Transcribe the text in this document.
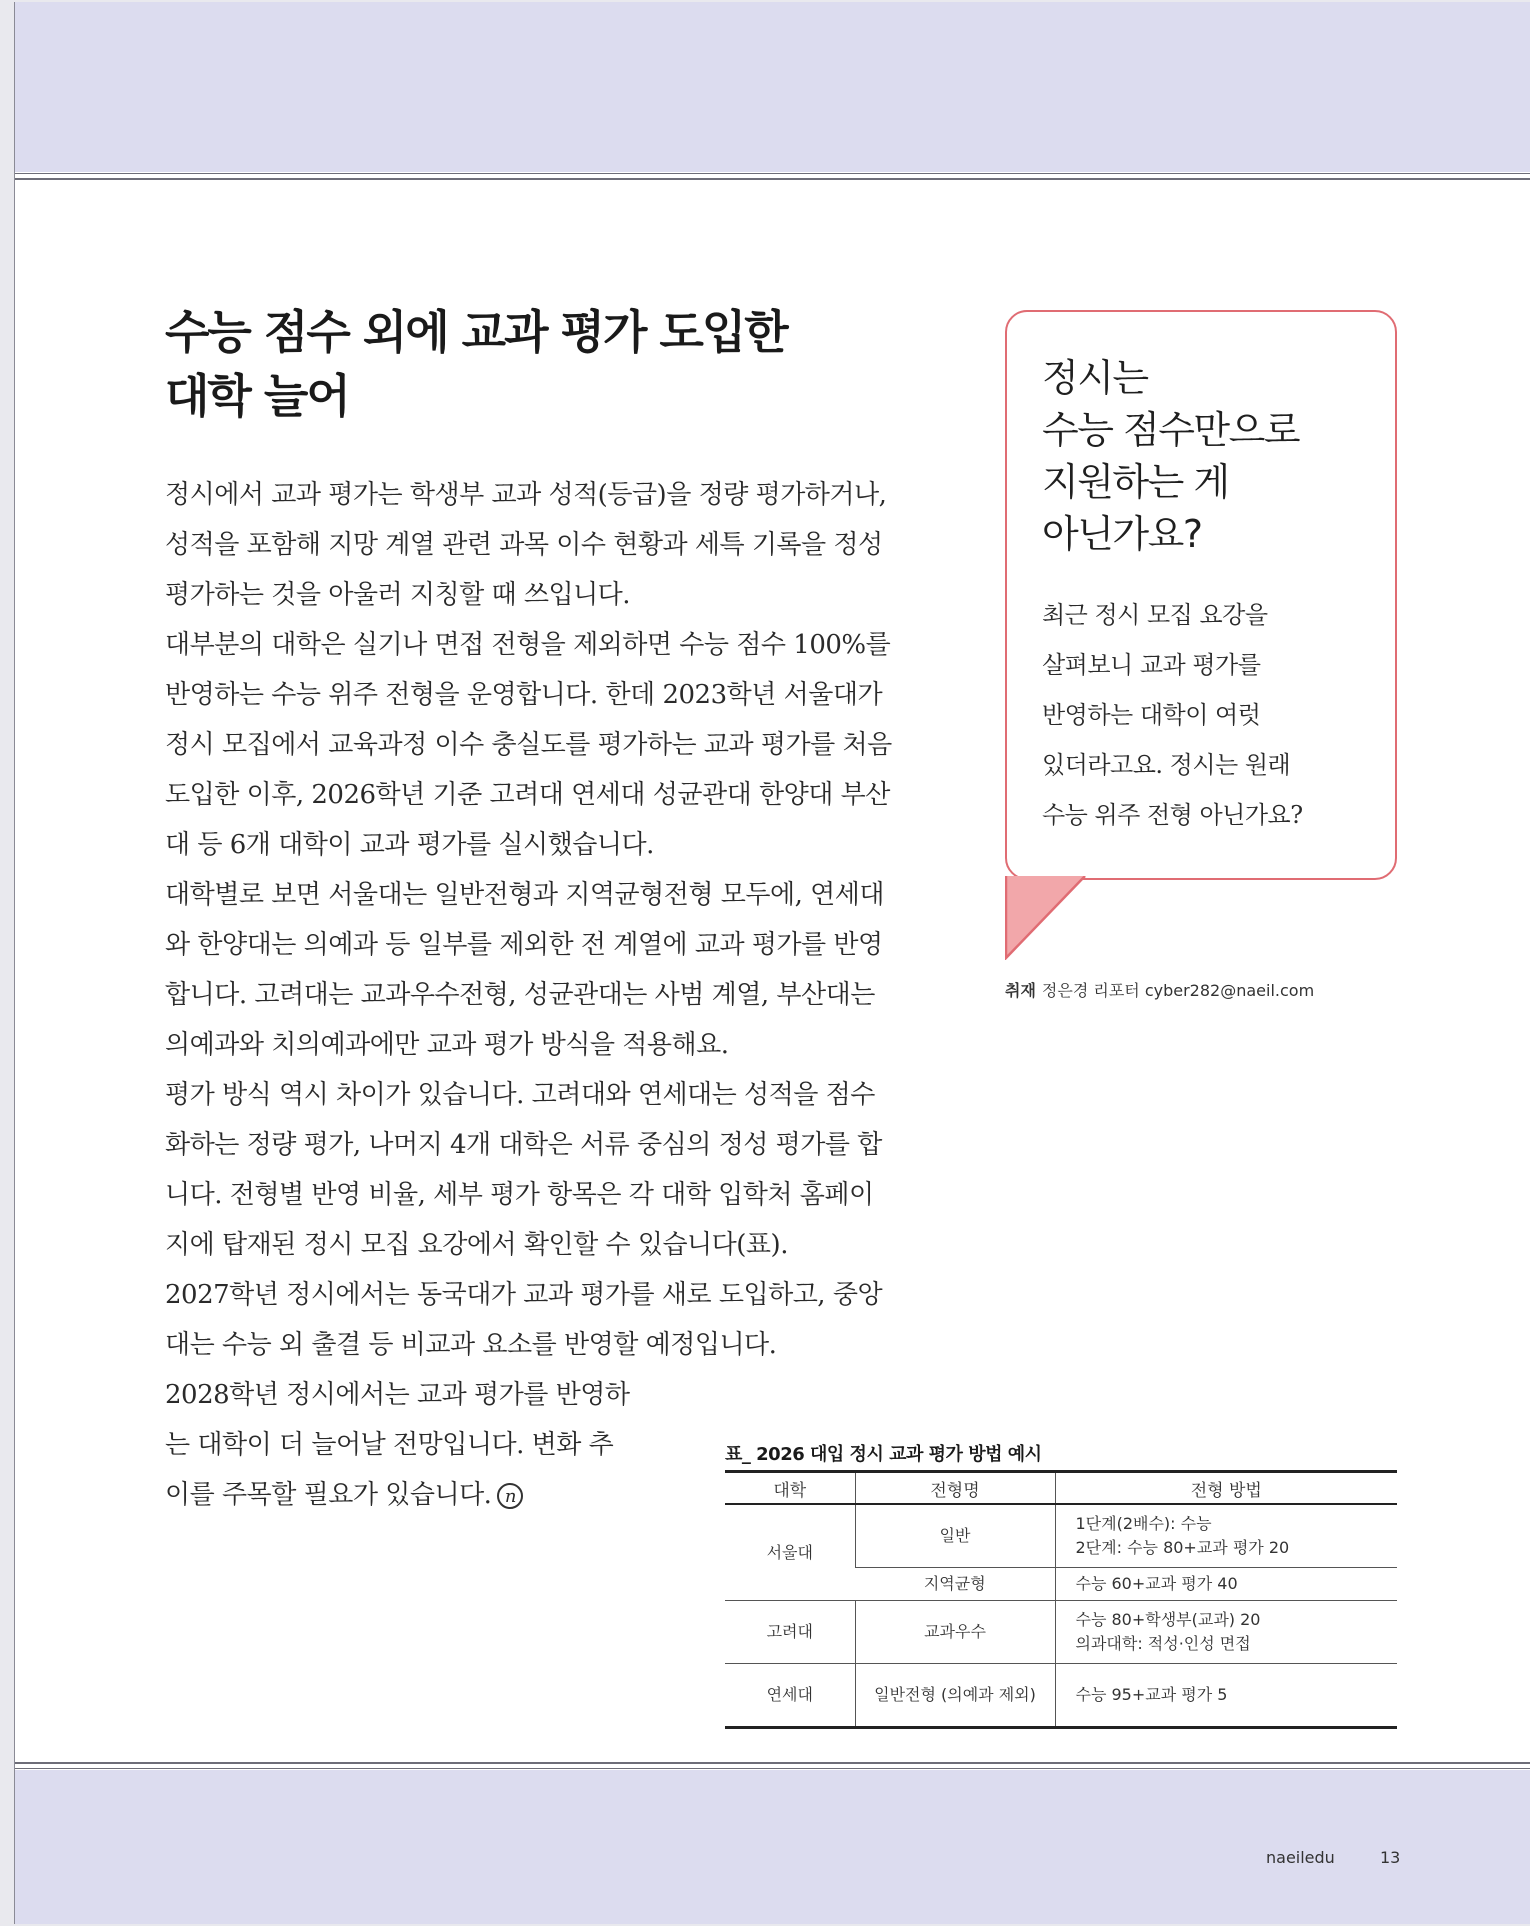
수능 점수 외에 교과 평가 도입한
대학 늘어

정시에서 교과 평가는 학생부 교과 성적(등급)을 정량 평가하거나, 성적을 포함해 지망 계열 관련 과목 이수 현황과 세특 기록을 정성 평가하는 것을 아울러 지칭할 때 쓰입니다.

대부분의 대학은 실기나 면접 전형을 제외하면 수능 점수 100%를 반영하는 수능 위주 전형을 운영합니다. 한데 2023학년 서울대가 정시 모집에서 교육과정 이수 충실도를 평가하는 교과 평가를 처음 도입한 이후, 2026학년 기준 고려대 연세대 성균관대 한양대 부산대 등 6개 대학이 교과 평가를 실시했습니다.

대학별로 보면 서울대는 일반전형과 지역균형전형 모두에, 연세대와 한양대는 의예과 등 일부를 제외한 전 계열에 교과 평가를 반영합니다. 고려대는 교과우수전형, 성균관대는 사범 계열, 부산대는 의예과와 치의예과에만 교과 평가 방식을 적용해요.

평가 방식 역시 차이가 있습니다. 고려대와 연세대는 성적을 점수화하는 정량 평가, 나머지 4개 대학은 서류 중심의 정성 평가를 합니다. 전형별 반영 비율, 세부 평가 항목은 각 대학 입학처 홈페이지에 탑재된 정시 모집 요강에서 확인할 수 있습니다(표).

2027학년 정시에서는 동국대가 교과 평가를 새로 도입하고, 중앙대는 수능 외 출결 등 비교과 요소를 반영할 예정입니다.

2028학년 정시에서는 교과 평가를 반영하는 대학이 더 늘어날 전망입니다. 변화 추이를 주목할 필요가 있습니다. n

정시는
수능 점수만으로
지원하는 게
아닌가요?
최근 정시 모집 요강을
살펴보니 교과 평가를
반영하는 대학이 여럿
있더라고요. 정시는 원래
수능 위주 전형 아닌가요?
취재 정은경 리포터 cyber282@naeil.com
표_ 2026 대입 정시 교과 평가 방법 예시
대학	전형명	전형 방법
서울대	일반	1단계(2배수): 수능
2단계: 수능 80+교과 평가 20

	지역균형	수능 60+교과 평가 40

고려대	교과우수	수능 80+학생부(교과) 20
의과대학: 적성·인성 면접

연세대	일반전형 (의예과 제외)	수능 95+교과 평가 5
naeiledu	13
